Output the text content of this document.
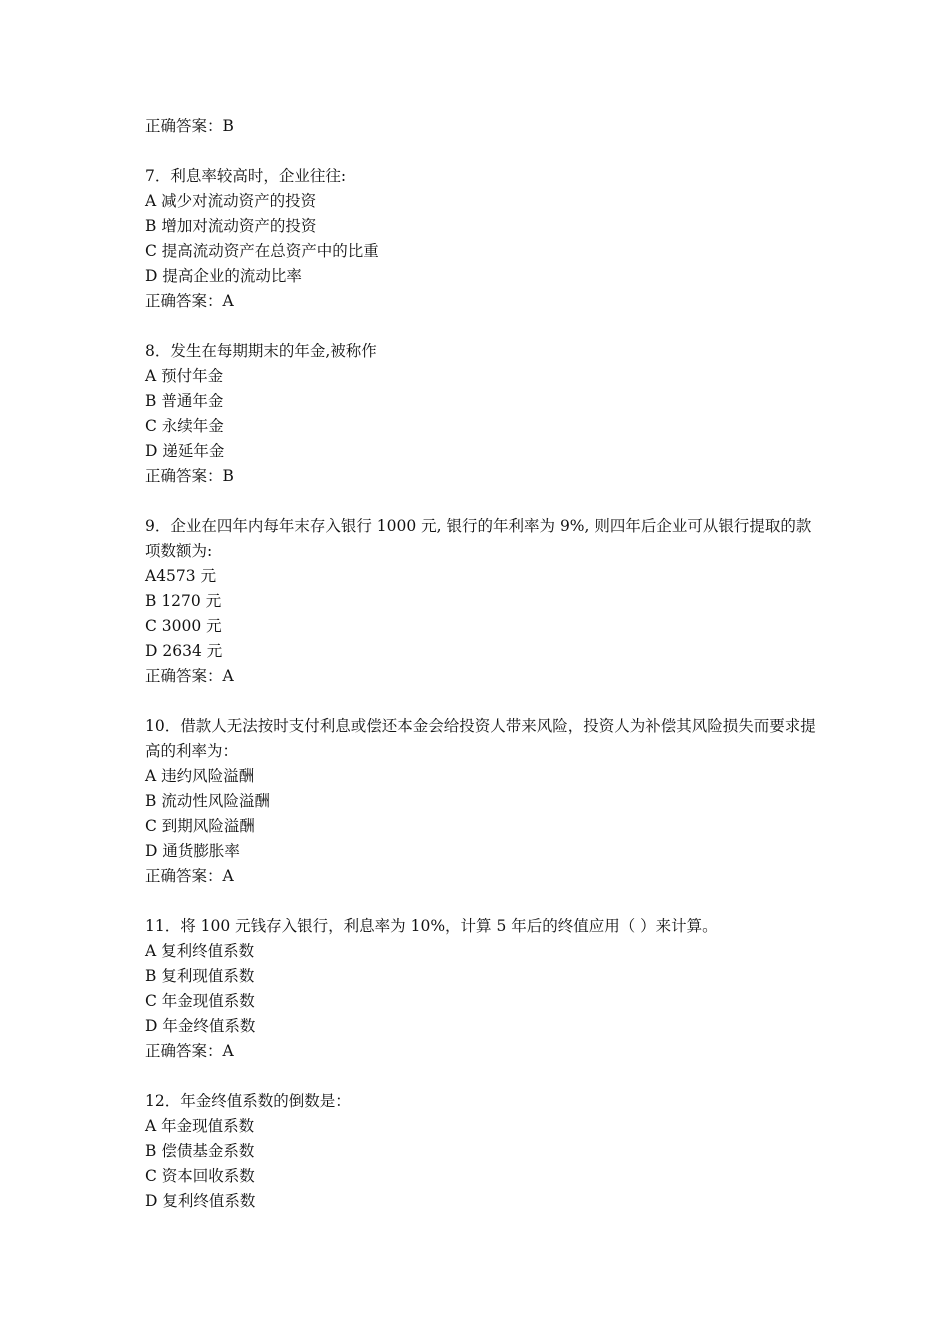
正确答案：B
7．利息率较高时，企业往往:
A 减少对流动资产的投资
B 增加对流动资产的投资
C 提高流动资产在总资产中的比重
D 提高企业的流动比率
正确答案：A
8．发生在每期期末的年金,被称作
A 预付年金
B 普通年金
C 永续年金
D 递延年金
正确答案：B
9．企业在四年内每年末存入银行 1000 元, 银行的年利率为 9%, 则四年后企业可从银行提取的款项数额为:
A4573 元
B 1270 元
C 3000 元
D 2634 元
正确答案：A
10．借款人无法按时支付利息或偿还本金会给投资人带来风险，投资人为补偿其风险损失而要求提高的利率为：
A 违约风险溢酬
B 流动性风险溢酬
C 到期风险溢酬
D 通货膨胀率
正确答案：A
11．将 100 元钱存入银行，利息率为 10%，计算 5 年后的终值应用（ ）来计算。
A 复利终值系数
B 复利现值系数
C 年金现值系数
D 年金终值系数
正确答案：A
12．年金终值系数的倒数是：
A 年金现值系数
B 偿债基金系数
C 资本回收系数
D 复利终值系数
